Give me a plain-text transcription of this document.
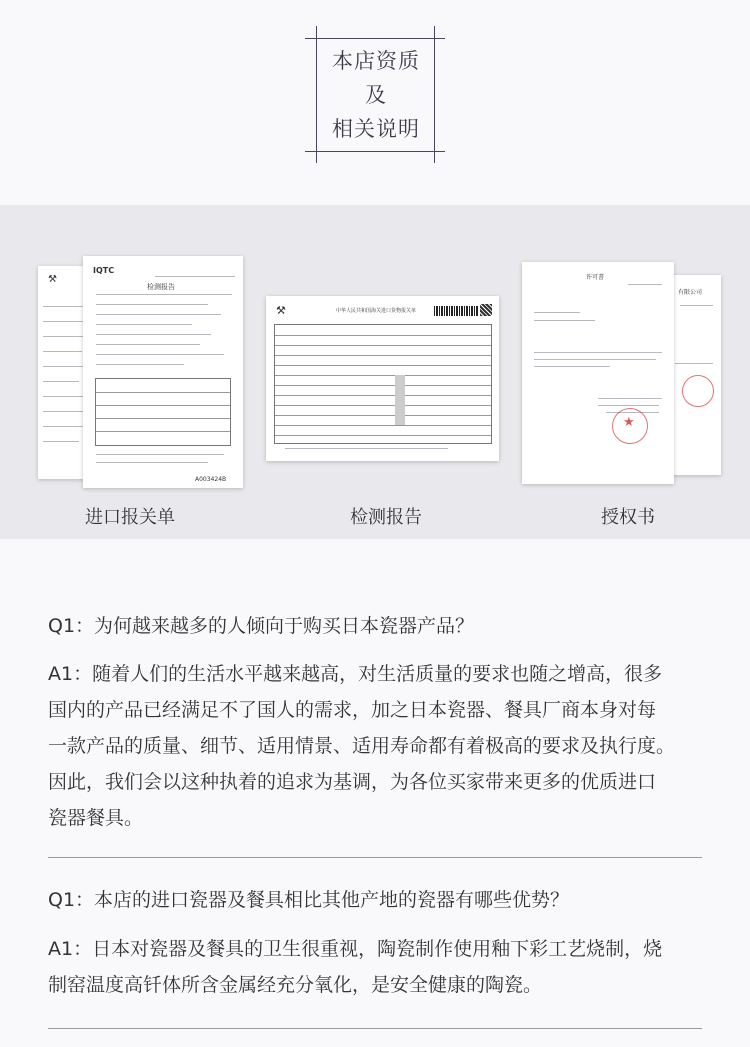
本店资质
及
相关说明
⚒
IQTC
检测报告
A003424B
进口报关单
⚒	中华人民共和国海关进口货物报关单
检测报告
有限公司
许可書
★
授权书
Q1：为何越来越多的人倾向于购买日本瓷器产品？
A1：随着人们的生活水平越来越高，对生活质量的要求也随之增高，很多
国内的产品已经满足不了国人的需求，加之日本瓷器、餐具厂商本身对每
一款产品的质量、细节、适用情景、适用寿命都有着极高的要求及执行度。
因此，我们会以这种执着的追求为基调，为各位买家带来更多的优质进口
瓷器餐具。
Q1：本店的进口瓷器及餐具相比其他产地的瓷器有哪些优势？
A1：日本对瓷器及餐具的卫生很重视，陶瓷制作使用釉下彩工艺烧制，烧
制窑温度高钎体所含金属经充分氧化，是安全健康的陶瓷。
